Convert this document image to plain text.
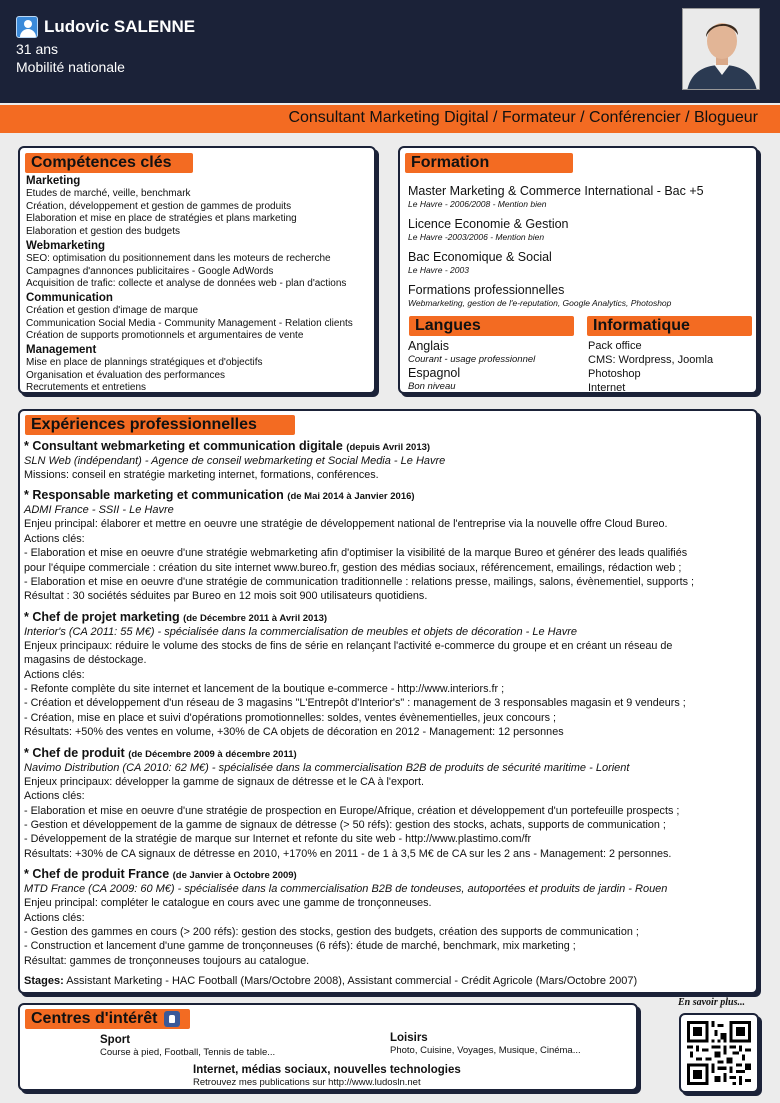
Ludovic SALENNE
31 ans
Mobilité nationale
Consultant Marketing Digital / Formateur / Conférencier / Blogueur
Compétences clés
Marketing
Etudes de marché, veille, benchmark
Création, développement et gestion de gammes de produits
Elaboration et mise en place de stratégies et plans marketing
Elaboration et gestion des budgets
Webmarketing
SEO: optimisation du positionnement dans les moteurs de recherche
Campagnes d'annonces publicitaires - Google AdWords
Acquisition de trafic: collecte et analyse de données web - plan d'actions
Communication
Création et gestion d'image de marque
Communication Social Media - Community Management - Relation clients
Création de supports promotionnels et argumentaires de vente
Management
Mise en place de plannings stratégiques et d'objectifs
Organisation et évaluation des performances
Recrutements et entretiens
Formation
Master Marketing & Commerce International - Bac +5
Le Havre - 2006/2008 - Mention bien
Licence Economie & Gestion
Le Havre -2003/2006 - Mention bien
Bac Economique & Social
Le Havre - 2003
Formations professionnelles
Webmarketing, gestion de l'e-reputation, Google Analytics, Photoshop
Langues	Informatique
Anglais
Courant - usage professionnel
Espagnol
Bon niveau
Pack office
CMS: Wordpress, Joomla
Photoshop
Internet
Expériences professionnelles
* Consultant webmarketing et communication digitale (depuis Avril 2013)
SLN Web (indépendant) - Agence de conseil webmarketing et Social Media - Le Havre
Missions: conseil en stratégie marketing internet, formations, conférences.
* Responsable marketing et communication (de Mai 2014 à Janvier 2016)
ADMI France - SSII - Le Havre
Enjeu principal: élaborer et mettre en oeuvre une stratégie de développement national de l'entreprise via la nouvelle offre Cloud Bureo.
Actions clés:
- Elaboration et mise en oeuvre d'une stratégie webmarketing afin d'optimiser la visibilité de la marque Bureo et générer des leads qualifiés
pour l'équipe commerciale : création du site internet www.bureo.fr, gestion des médias sociaux, référencement, emailings, rédaction web ;
- Elaboration et mise en oeuvre d'une stratégie de communication traditionnelle : relations presse, mailings, salons, évènementiel, supports ;
Résultat : 30 sociétés séduites par Bureo en 12 mois soit 900 utilisateurs quotidiens.
* Chef de projet marketing (de Décembre 2011 à Avril 2013)
Interior's (CA 2011: 55 M€) - spécialisée dans la commercialisation de meubles et objets de décoration - Le Havre
Enjeux principaux: réduire le volume des stocks de fins de série en relançant l'activité e-commerce du groupe et en créant un réseau de
magasins de déstockage.
Actions clés:
- Refonte complète du site internet et lancement de la boutique e-commerce - http://www.interiors.fr ;
- Création et développement d'un réseau de 3 magasins "L'Entrepôt d'Interior's" : management de 3 responsables magasin et 9 vendeurs ;
- Création, mise en place et suivi d'opérations promotionnelles: soldes, ventes évènementielles, jeux concours ;
Résultats: +50% des ventes en volume, +30% de CA objets de décoration en 2012 - Management: 12 personnes
* Chef de produit (de Décembre 2009 à décembre 2011)
Navimo Distribution (CA 2010: 62 M€) - spécialisée dans la commercialisation B2B de produits de sécurité maritime - Lorient
Enjeux principaux: développer la gamme de signaux de détresse et le CA à l'export.
Actions clés:
- Elaboration et mise en oeuvre d'une stratégie de prospection en Europe/Afrique, création et développement d'un portefeuille prospects ;
- Gestion et développement de la gamme de signaux de détresse (> 50 réfs): gestion des stocks, achats, supports de communication ;
- Développement de la stratégie de marque sur Internet et refonte du site web - http://www.plastimo.com/fr
Résultats: +30% de CA signaux de détresse en 2010, +170% en 2011 - de 1 à 3,5 M€ de CA sur les 2 ans - Management: 2 personnes.
* Chef de produit France (de Janvier à Octobre 2009)
MTD France (CA 2009: 60 M€) - spécialisée dans la commercialisation B2B de tondeuses, autoportées et produits de jardin - Rouen
Enjeu principal: compléter le catalogue en cours avec une gamme de tronçonneuses.
Actions clés:
- Gestion des gammes en cours (> 200 réfs): gestion des stocks, gestion des budgets, création des supports de communication ;
- Construction et lancement d'une gamme de tronçonneuses (6 réfs): étude de marché, benchmark, mix marketing ;
Résultat: gammes de tronçonneuses toujours au catalogue.
Stages: Assistant Marketing - HAC Football (Mars/Octobre 2008), Assistant commercial - Crédit Agricole (Mars/Octobre 2007)
Centres d'intérêt
Sport
Course à pied, Football, Tennis de table...
Loisirs
Photo, Cuisine, Voyages, Musique, Cinéma...
Internet, médias sociaux, nouvelles technologies
Retrouvez mes publications sur http://www.ludosln.net
En savoir plus...
